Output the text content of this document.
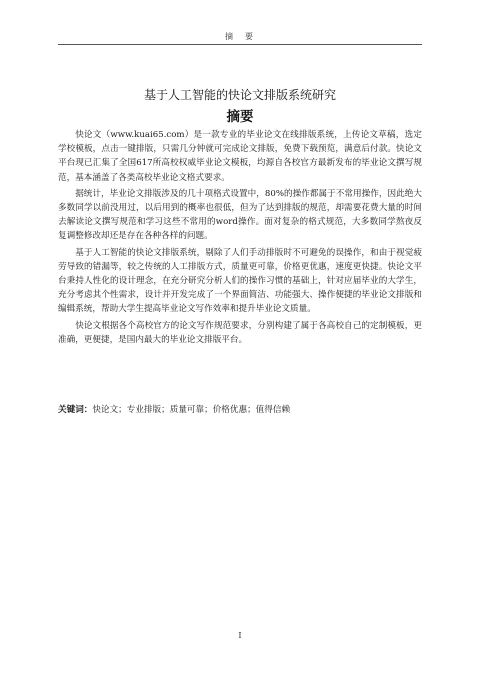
摘　要
基于人工智能的快论文排版系统研究
摘要

快论文（www.kuai65.com）是一款专业的毕业论文在线排版系统，上传论文草稿，选定学校模板，点击一键排版，只需几分钟就可完成论文排版，免费下载预览，满意后付款。快论文平台现已汇集了全国617所高校权威毕业论文模板，均源自各校官方最新发布的毕业论文撰写规范，基本涵盖了各类高校毕业论文格式要求。

据统计，毕业论文排版涉及的几十项格式设置中，80%的操作都属于不常用操作，因此绝大多数同学以前没用过，以后用到的概率也很低，但为了达到排版的规范，却需要花费大量的时间去解读论文撰写规范和学习这些不常用的word操作。面对复杂的格式规范，大多数同学熬夜反复调整修改却还是存在各种各样的问题。

基于人工智能的快论文排版系统，剔除了人们手动排版时不可避免的误操作，和由于视觉疲劳导致的错漏等，较之传统的人工排版方式，质量更可靠，价格更优惠，速度更快捷。快论文平台秉持人性化的设计理念，在充分研究分析人们的操作习惯的基础上，针对应届毕业的大学生，充分考虑其个性需求，设计并开发完成了一个界面简洁、功能强大、操作便捷的毕业论文排版和编辑系统，帮助大学生提高毕业论文写作效率和提升毕业论文质量。

快论文根据各个高校官方的论文写作规范要求，分别构建了属于各高校自己的定制模板，更准确，更便捷，是国内最大的毕业论文排版平台。

关键词：快论文；专业排版；质量可靠；价格优惠；值得信赖
I
